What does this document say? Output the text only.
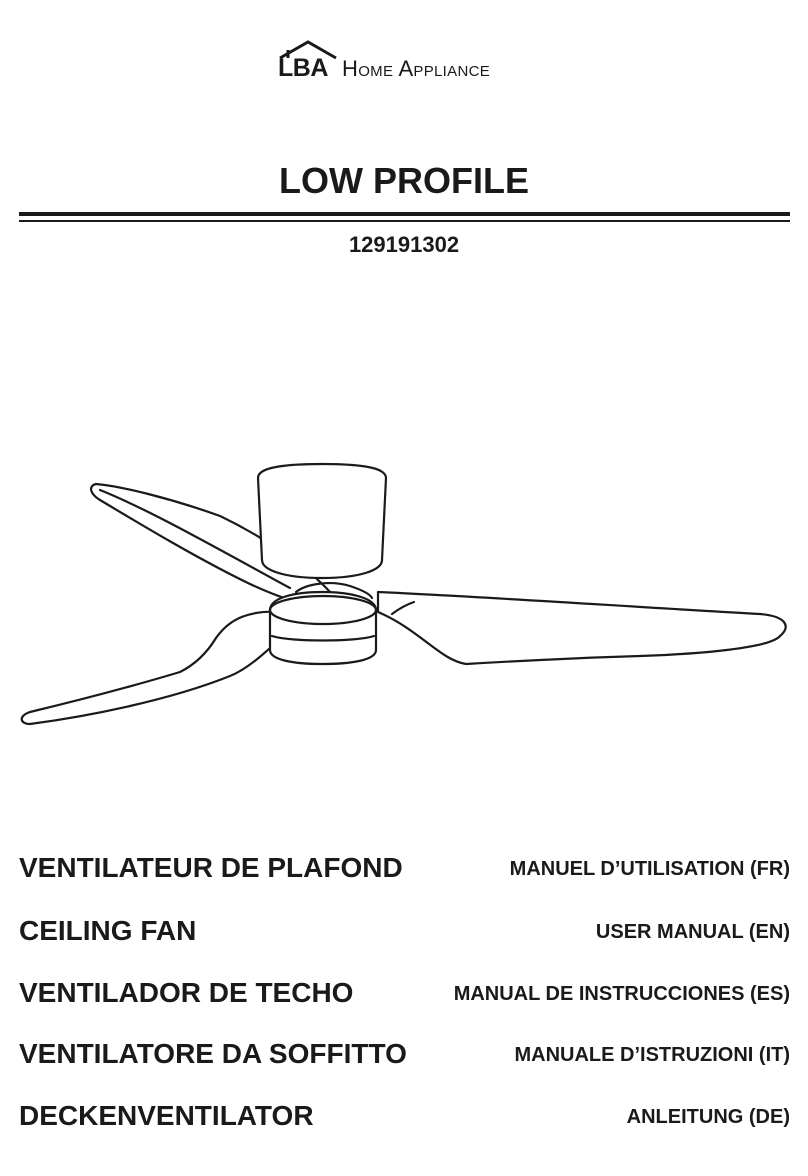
LBA Home Appliance
LOW PROFILE
129191302
VENTILATEUR DE PLAFOND	MANUEL D’UTILISATION (FR)
CEILING FAN	USER MANUAL (EN)
VENTILADOR DE TECHO	MANUAL DE INSTRUCCIONES (ES)
VENTILATORE DA SOFFITTO	MANUALE D’ISTRUZIONI (IT)
DECKENVENTILATOR	ANLEITUNG (DE)
